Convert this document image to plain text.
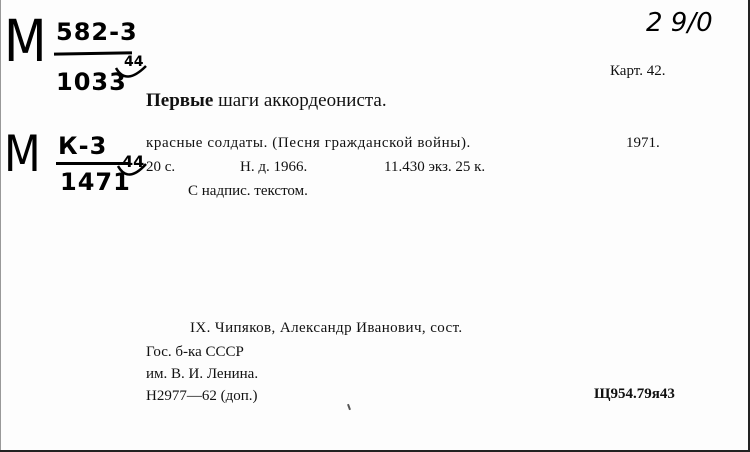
М 582-3
1033
44
М К-3
1471
44
2 9/0
Карт. 42.
Первые шаги аккордеониста.
красные солдаты. (Песня гражданской войны).	1971.
20 с.	Н. д. 1966.	11.430 экз. 25 к.
С надпис. текстом.
IX. Чипяков, Александр Иванович, сост.
Гос. б-ка СССР
им. В. И. Ленина.
Н2977—62 (доп.)	Щ954.79я43
